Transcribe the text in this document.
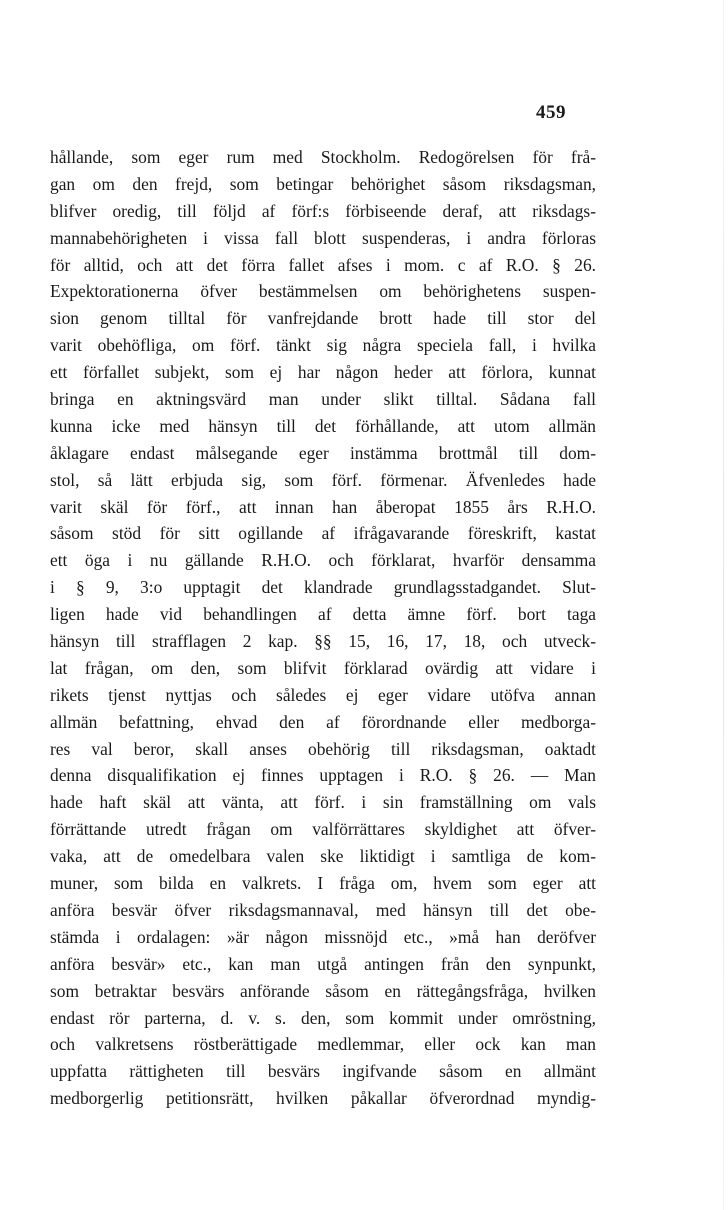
459
hållande, som eger rum med Stockholm. Redogörelsen för frå-
gan om den frejd, som betingar behörighet såsom riksdagsman,
blifver oredig, till följd af förf:s förbiseende deraf, att riksdags-
mannabehörigheten i vissa fall blott suspenderas, i andra förloras
för alltid, och att det förra fallet afses i mom. c af R.O. § 26.
Expektorationerna öfver bestämmelsen om behörighetens suspen-
sion genom tilltal för vanfrejdande brott hade till stor del
varit obehöfliga, om förf. tänkt sig några speciela fall, i hvilka
ett förfallet subjekt, som ej har någon heder att förlora, kunnat
bringa en aktningsvärd man under slikt tilltal. Sådana fall
kunna icke med hänsyn till det förhållande, att utom allmän
åklagare endast målsegande eger instämma brottmål till dom-
stol, så lätt erbjuda sig, som förf. förmenar. Äfvenledes hade
varit skäl för förf., att innan han åberopat 1855 års R.H.O.
såsom stöd för sitt ogillande af ifrågavarande föreskrift, kastat
ett öga i nu gällande R.H.O. och förklarat, hvarför densamma
i § 9, 3:o upptagit det klandrade grundlagsstadgandet. Slut-
ligen hade vid behandlingen af detta ämne förf. bort taga
hänsyn till strafflagen 2 kap. §§ 15, 16, 17, 18, och utveck-
lat frågan, om den, som blifvit förklarad ovärdig att vidare i
rikets tjenst nyttjas och således ej eger vidare utöfva annan
allmän befattning, ehvad den af förordnande eller medborga-
res val beror, skall anses obehörig till riksdagsman, oaktadt
denna disqualifikation ej finnes upptagen i R.O. § 26. — Man
hade haft skäl att vänta, att förf. i sin framställning om vals
förrättande utredt frågan om valförrättares skyldighet att öfver-
vaka, att de omedelbara valen ske liktidigt i samtliga de kom-
muner, som bilda en valkrets. I fråga om, hvem som eger att
anföra besvär öfver riksdagsmannaval, med hänsyn till det obe-
stämda i ordalagen: »är någon missnöjd etc., »må han deröfver
anföra besvär» etc., kan man utgå antingen från den synpunkt,
som betraktar besvärs anförande såsom en rättegångsfråga, hvilken
endast rör parterna, d. v. s. den, som kommit under omröstning,
och valkretsens röstberättigade medlemmar, eller ock kan man
uppfatta rättigheten till besvärs ingifvande såsom en allmänt
medborgerlig petitionsrätt, hvilken påkallar öfverordnad myndig-
